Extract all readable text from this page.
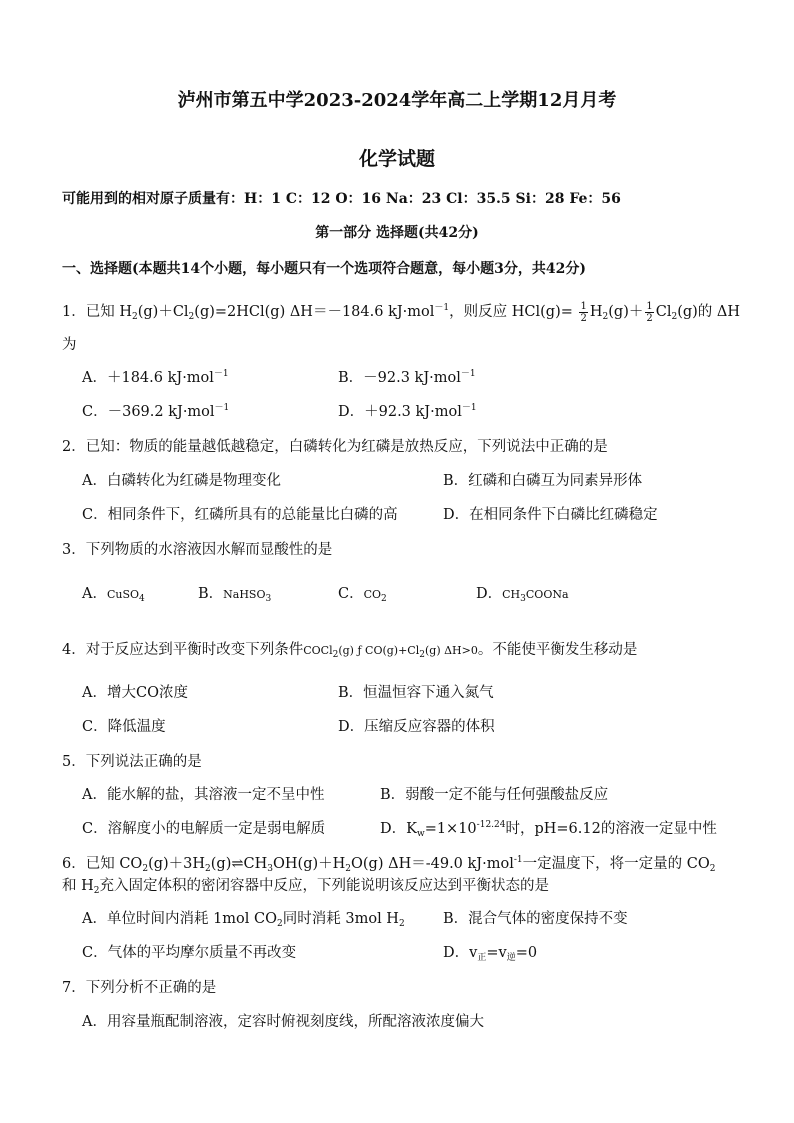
泸州市第五中学2023-2024学年高二上学期12月月考
化学试题
可能用到的相对原子质量有：H：1 C：12 O：16 Na：23 Cl：35.5 Si：28 Fe：56
第一部分 选择题(共42分)
一、选择题(本题共14个小题，每小题只有一个选项符合题意，每小题3分，共42分)
1．已知 $H_2(g)+Cl_2(g)=2HCl(g)$ ΔH＝－184.6 kJ·mol$^{-1}$，则反应 $HCl(g)= \frac{1}{2} H_2(g)+ \frac{1}{2} Cl_2(g)$的 ΔH
为
A．＋184.6 kJ·mol$^{-1}$	B．－92.3 kJ·mol$^{-1}$
C．－369.2 kJ·mol$^{-1}$	D．＋92.3 kJ·mol$^{-1}$
2．已知：物质的能量越低越稳定，白磷转化为红磷是放热反应，下列说法中正确的是
A．白磷转化为红磷是物理变化	B．红磷和白磷互为同素异形体
C．相同条件下，红磷所具有的总能量比白磷的高	D．在相同条件下白磷比红磷稳定
3．下列物质的水溶液因水解而显酸性的是
A．CuSO$_4$	B．NaHSO$_3$	C．$CO_2$	D．$CH_3COONa$
4．对于反应达到平衡时改变下列条件COCl$_2$(g) ƒ $CO(g)+Cl_2(g)$ ΔH>0。不能使平衡发生移动是
A．增大CO浓度	B．恒温恒容下通入氮气
C．降低温度	D．压缩反应容器的体积
5．下列说法正确的是
A．能水解的盐，其溶液一定不呈中性	B．弱酸一定不能与任何强酸盐反应
C．溶解度小的电解质一定是弱电解质	D．$K_w=1\times 10^{-12.24}$时，pH=6.12的溶液一定显中性
6．已知 $CO_2(g)+3H_2(g)\rightleftharpoons CH_3OH(g)+H_2O(g)$ ΔH＝-49.0 kJ·mol$^{-1}$一定温度下，将一定量的 $CO_2$
和 $H_2$充入固定体积的密闭容器中反应，下列能说明该反应达到平衡状态的是
A．单位时间内消耗 1mol $CO_2$同时消耗 3mol $H_2$	B．混合气体的密度保持不变
C．气体的平均摩尔质量不再改变	D．$v_正=v_逆=0$
7．下列分析不正确的是
A．用容量瓶配制溶液，定容时俯视刻度线，所配溶液浓度偏大
